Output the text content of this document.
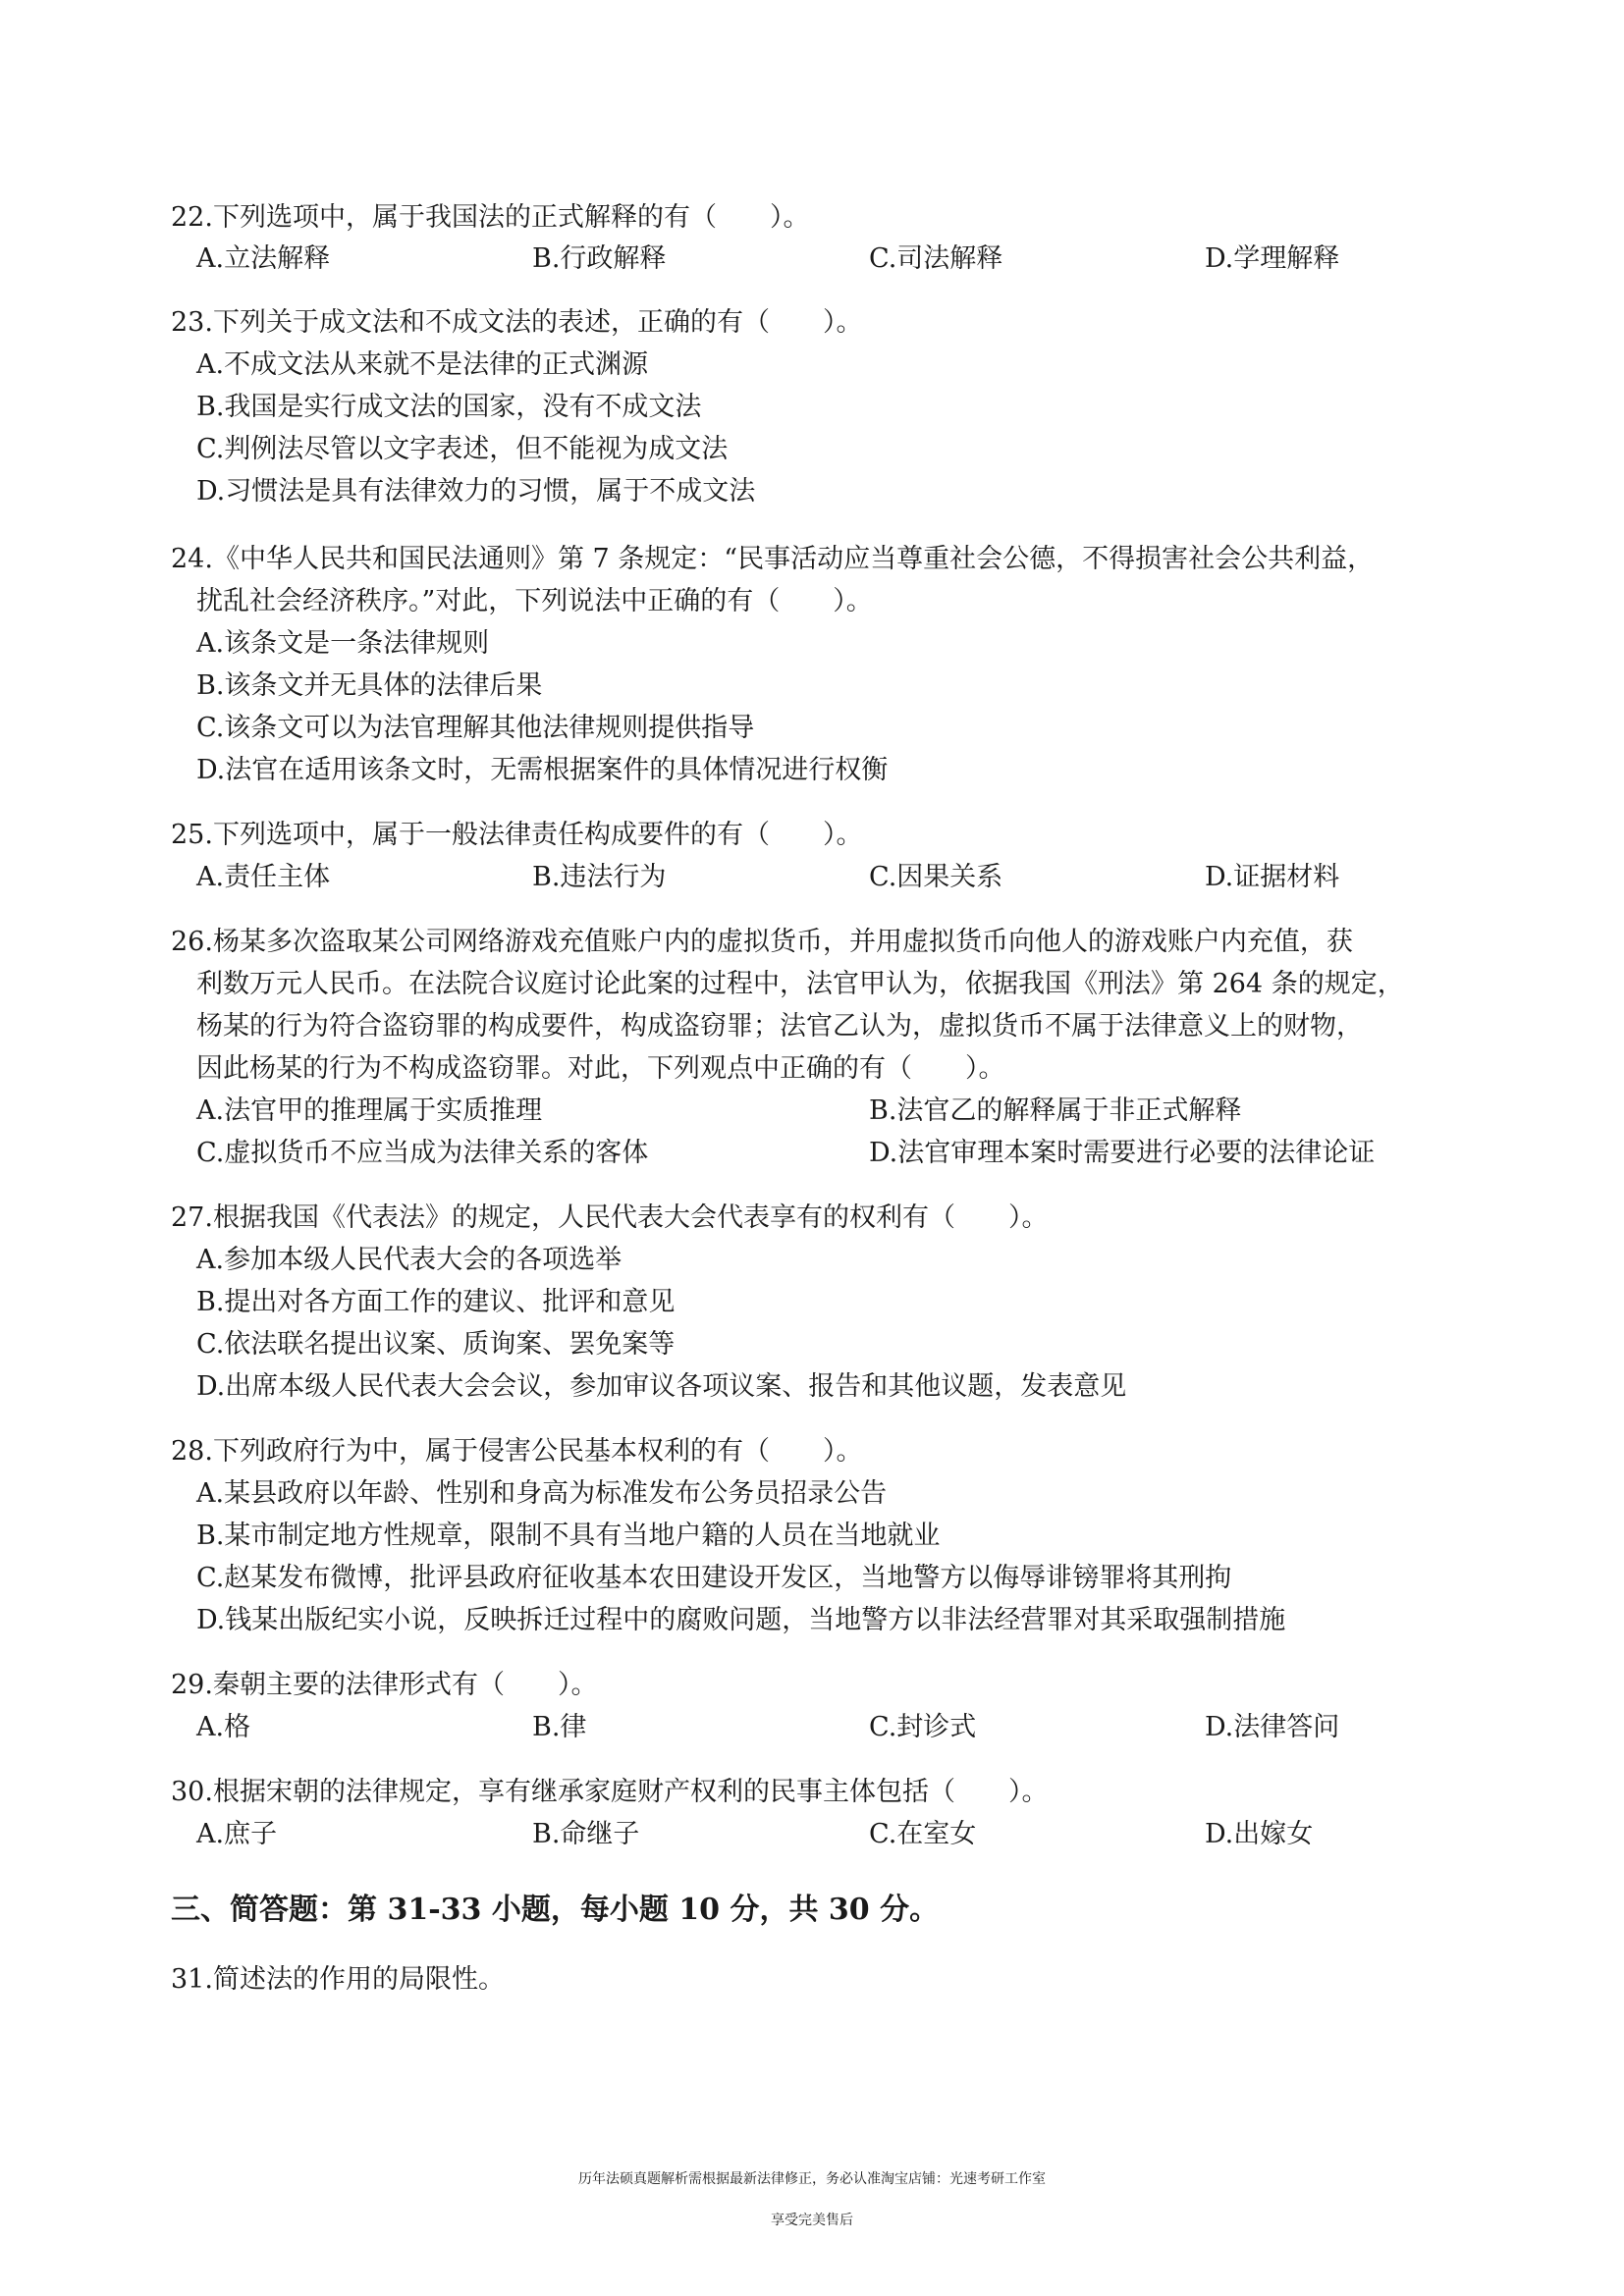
22.下列选项中，属于我国法的正式解释的有（　　）。
A.立法解释	B.行政解释	C.司法解释	D.学理解释
23.下列关于成文法和不成文法的表述，正确的有（　　）。
A.不成文法从来就不是法律的正式渊源
B.我国是实行成文法的国家，没有不成文法
C.判例法尽管以文字表述，但不能视为成文法
D.习惯法是具有法律效力的习惯，属于不成文法
24.《中华人民共和国民法通则》第 7 条规定：“民事活动应当尊重社会公德，不得损害社会公共利益，
扰乱社会经济秩序。”对此，下列说法中正确的有（　　）。
A.该条文是一条法律规则
B.该条文并无具体的法律后果
C.该条文可以为法官理解其他法律规则提供指导
D.法官在适用该条文时，无需根据案件的具体情况进行权衡
25.下列选项中，属于一般法律责任构成要件的有（　　）。
A.责任主体	B.违法行为	C.因果关系	D.证据材料
26.杨某多次盗取某公司网络游戏充值账户内的虚拟货币，并用虚拟货币向他人的游戏账户内充值，获
利数万元人民币。在法院合议庭讨论此案的过程中，法官甲认为，依据我国《刑法》第 264 条的规定，
杨某的行为符合盗窃罪的构成要件，构成盗窃罪；法官乙认为，虚拟货币不属于法律意义上的财物，
因此杨某的行为不构成盗窃罪。对此，下列观点中正确的有（　　）。
A.法官甲的推理属于实质推理	B.法官乙的解释属于非正式解释
C.虚拟货币不应当成为法律关系的客体	D.法官审理本案时需要进行必要的法律论证
27.根据我国《代表法》的规定，人民代表大会代表享有的权利有（　　）。
A.参加本级人民代表大会的各项选举
B.提出对各方面工作的建议、批评和意见
C.依法联名提出议案、质询案、罢免案等
D.出席本级人民代表大会会议，参加审议各项议案、报告和其他议题，发表意见
28.下列政府行为中，属于侵害公民基本权利的有（　　）。
A.某县政府以年龄、性别和身高为标准发布公务员招录公告
B.某市制定地方性规章，限制不具有当地户籍的人员在当地就业
C.赵某发布微博，批评县政府征收基本农田建设开发区，当地警方以侮辱诽镑罪将其刑拘
D.钱某出版纪实小说，反映拆迁过程中的腐败问题，当地警方以非法经营罪对其采取强制措施
29.秦朝主要的法律形式有（　　）。
A.格	B.律	C.封诊式	D.法律答问
30.根据宋朝的法律规定，享有继承家庭财产权利的民事主体包括（　　）。
A.庶子	B.命继子	C.在室女	D.出嫁女
三、简答题：第 31-33 小题，每小题 10 分，共 30 分。
31.简述法的作用的局限性。
历年法硕真题解析需根据最新法律修正，务必认准淘宝店铺：光速考研工作室
享受完美售后
